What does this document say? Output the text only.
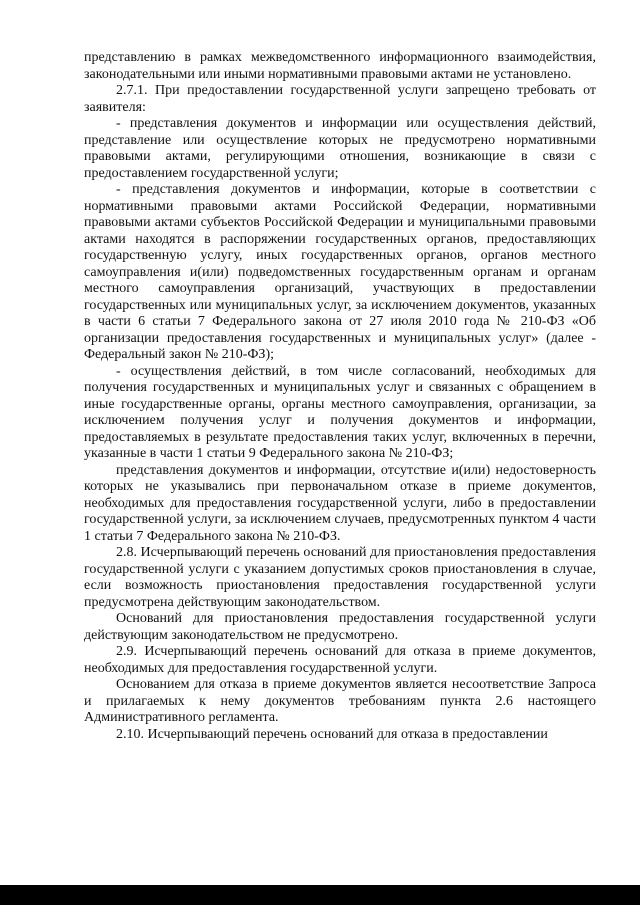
представлению в рамках межведомственного информационного взаимодействия, законодательными или иными нормативными правовыми актами не установлено.

2.7.1. При предоставлении государственной услуги запрещено требовать от заявителя:

- представления документов и информации или осуществления действий, представление или осуществление которых не предусмотрено нормативными правовыми актами, регулирующими отношения, возникающие в связи с предоставлением государственной услуги;

- представления документов и информации, которые в соответствии с нормативными правовыми актами Российской Федерации, нормативными правовыми актами субъектов Российской Федерации и муниципальными правовыми актами находятся в распоряжении государственных органов, предоставляющих государственную услугу, иных государственных органов, органов местного самоуправления и(или) подведомственных государственным органам и органам местного самоуправления организаций, участвующих в предоставлении государственных или муниципальных услуг, за исключением документов, указанных в части 6 статьи 7 Федерального закона от 27 июля 2010 года № 210-ФЗ «Об организации предоставления государственных и муниципальных услуг» (далее - Федеральный закон № 210-ФЗ);

- осуществления действий, в том числе согласований, необходимых для получения государственных и муниципальных услуг и связанных с обращением в иные государственные органы, органы местного самоуправления, организации, за исключением получения услуг и получения документов и информации, предоставляемых в результате предоставления таких услуг, включенных в перечни, указанные в части 1 статьи 9 Федерального закона № 210-ФЗ;

представления документов и информации, отсутствие и(или) недостоверность которых не указывались при первоначальном отказе в приеме документов, необходимых для предоставления государственной услуги, либо в предоставлении государственной услуги, за исключением случаев, предусмотренных пунктом 4 части 1 статьи 7 Федерального закона № 210-ФЗ.

2.8. Исчерпывающий перечень оснований для приостановления предоставления государственной услуги с указанием допустимых сроков приостановления в случае, если возможность приостановления предоставления государственной услуги предусмотрена действующим законодательством.

Оснований для приостановления предоставления государственной услуги действующим законодательством не предусмотрено.

2.9. Исчерпывающий перечень оснований для отказа в приеме документов, необходимых для предоставления государственной услуги.

Основанием для отказа в приеме документов является несоответствие Запроса и прилагаемых к нему документов требованиям пункта 2.6 настоящего Административного регламента.

2.10. Исчерпывающий перечень оснований для отказа в предоставлении
